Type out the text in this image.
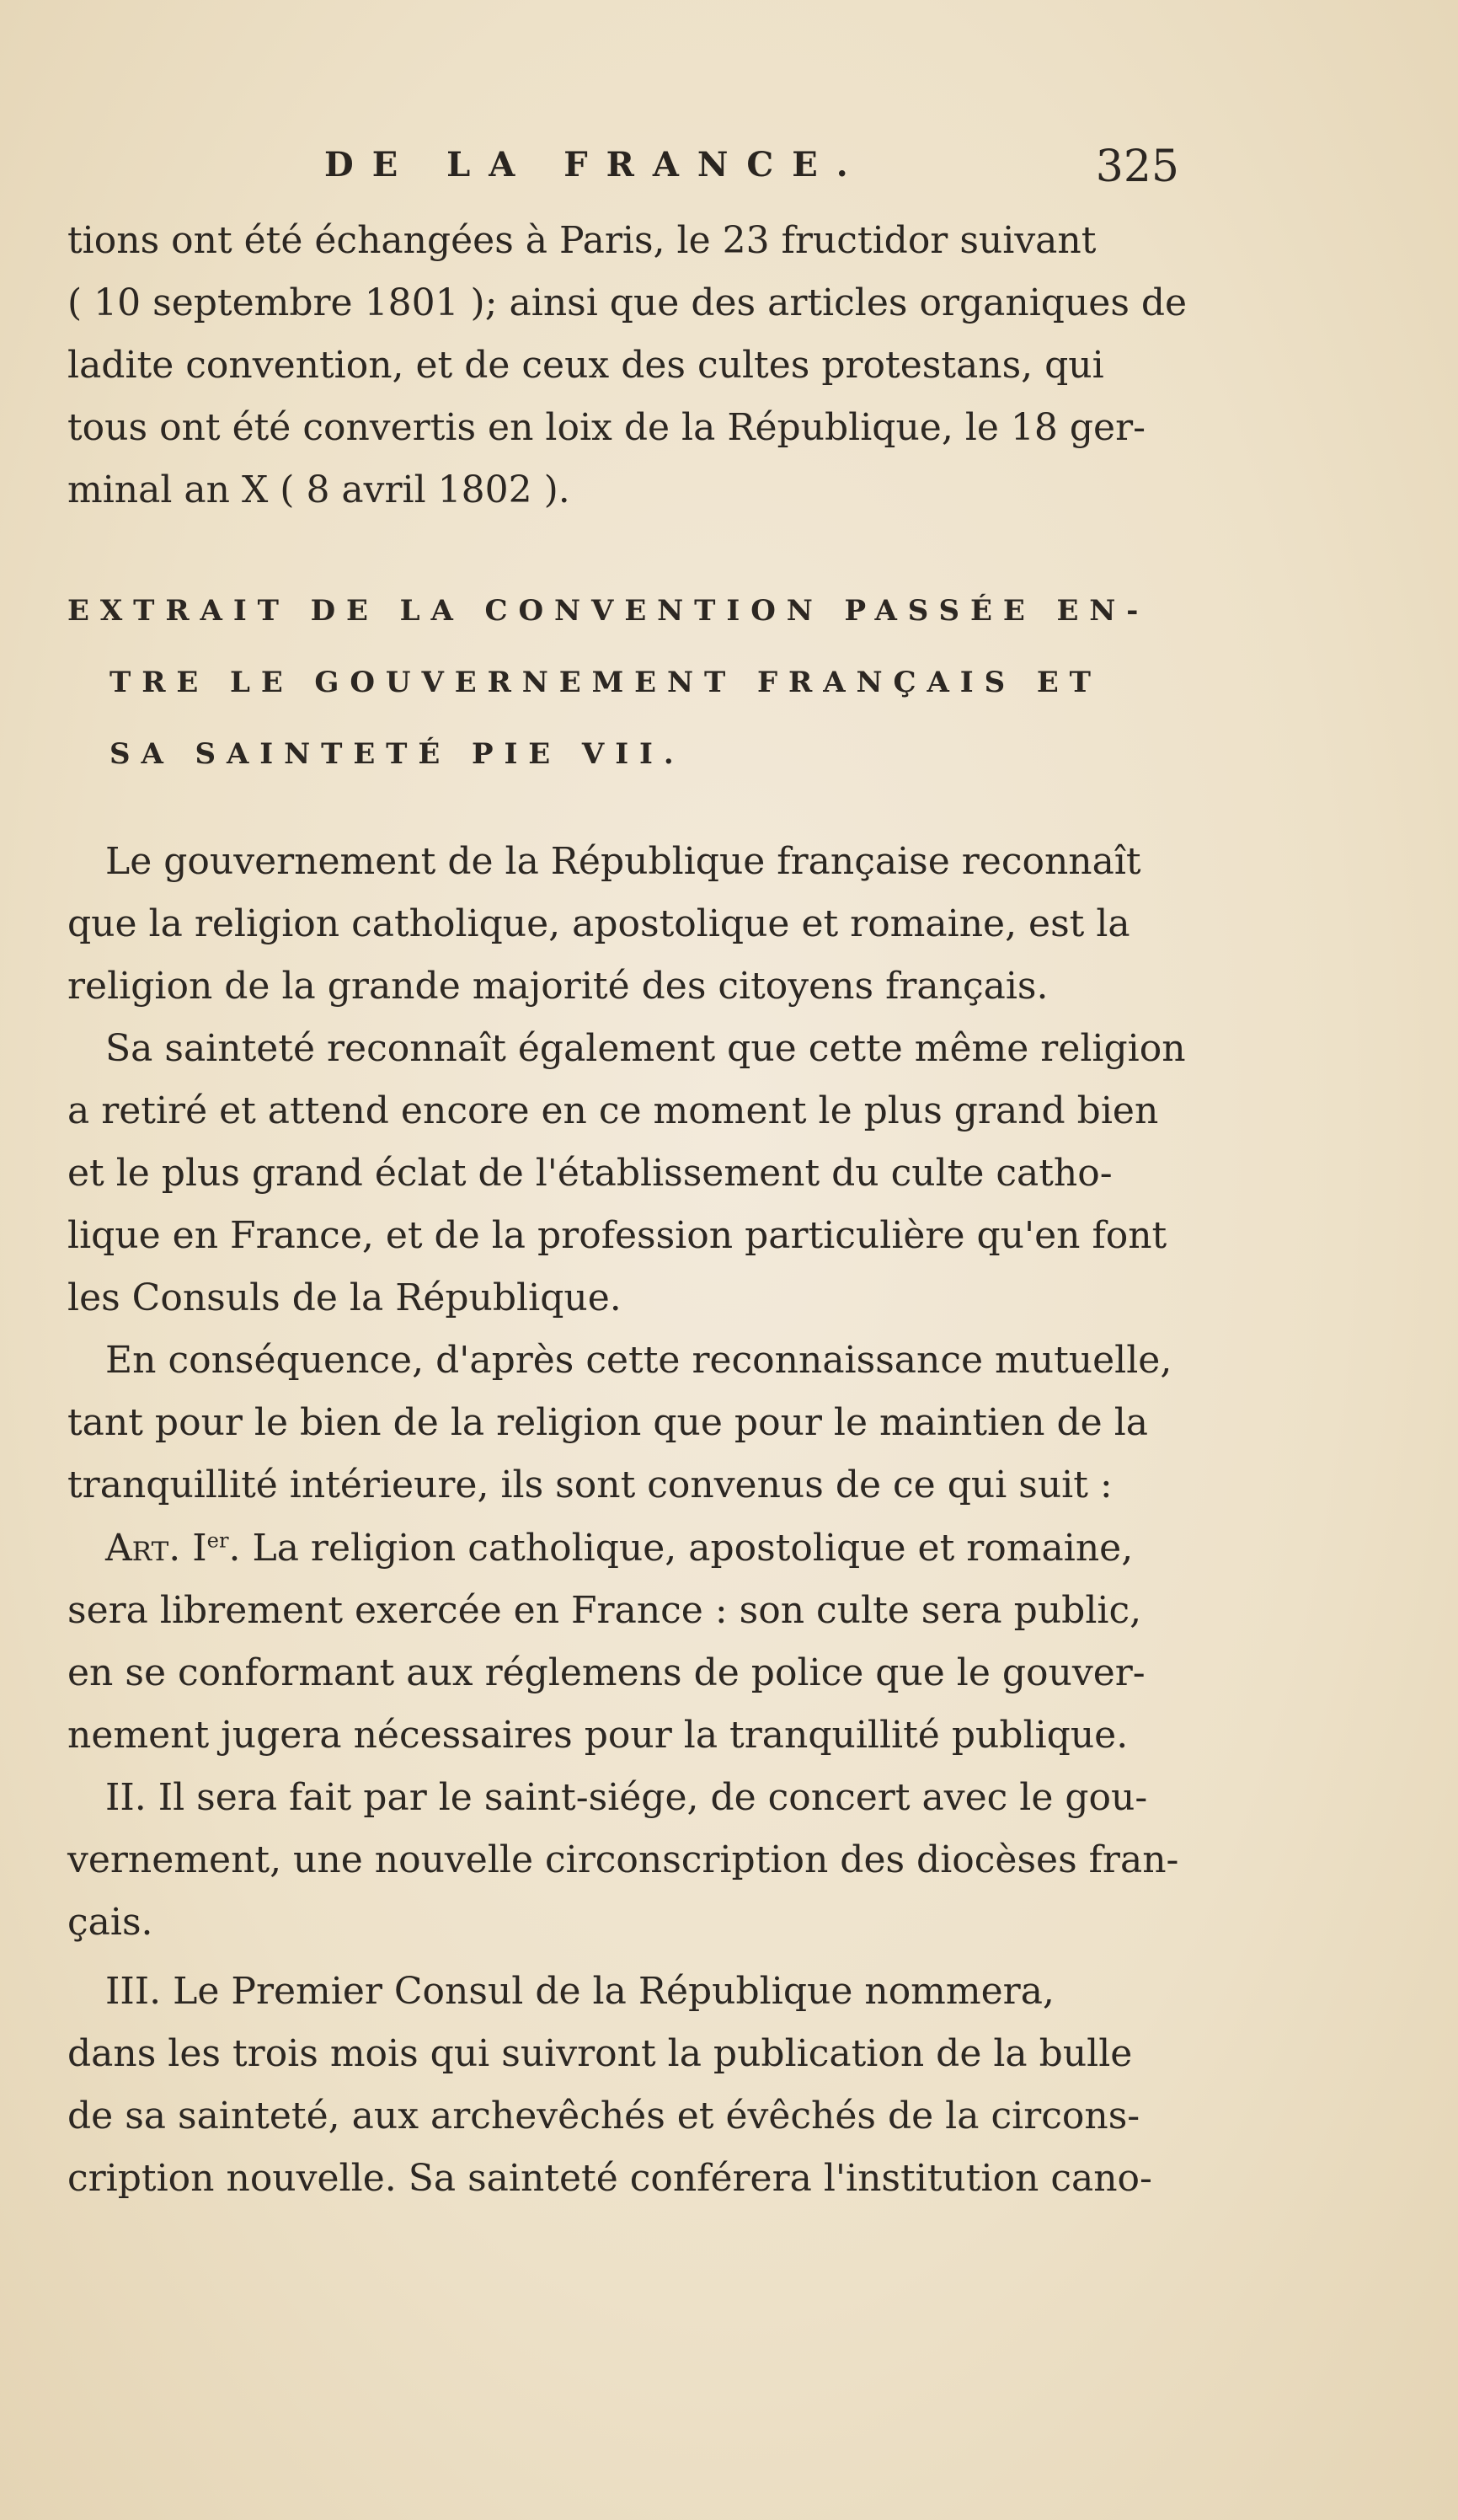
DE LA FRANCE.	325
tions ont été échangées à Paris, le 23 fructidor suivant
( 10 septembre 1801 ); ainsi que des articles organiques de
ladite convention, et de ceux des cultes protestans, qui
tous ont été convertis en loix de la République, le 18 ger-
minal an X ( 8 avril 1802 ).
EXTRAIT DE LA CONVENTION PASSÉE EN-
TRE LE GOUVERNEMENT FRANÇAIS ET
SA SAINTETÉ PIE VII.
Le gouvernement de la République française reconnaît
que la religion catholique, apostolique et romaine, est la
religion de la grande majorité des citoyens français.
Sa sainteté reconnaît également que cette même religion
a retiré et attend encore en ce moment le plus grand bien
et le plus grand éclat de l'établissement du culte catho-
lique en France, et de la profession particulière qu'en font
les Consuls de la République.
En conséquence, d'après cette reconnaissance mutuelle,
tant pour le bien de la religion que pour le maintien de la
tranquillité intérieure, ils sont convenus de ce qui suit :
Art. Ier. La religion catholique, apostolique et romaine,
sera librement exercée en France : son culte sera public,
en se conformant aux réglemens de police que le gouver-
nement jugera nécessaires pour la tranquillité publique.
II. Il sera fait par le saint-siége, de concert avec le gou-
vernement, une nouvelle circonscription des diocèses fran-
çais.
III. Le Premier Consul de la République nommera,
dans les trois mois qui suivront la publication de la bulle
de sa sainteté, aux archevêchés et évêchés de la circons-
cription nouvelle. Sa sainteté conférera l'institution cano-
